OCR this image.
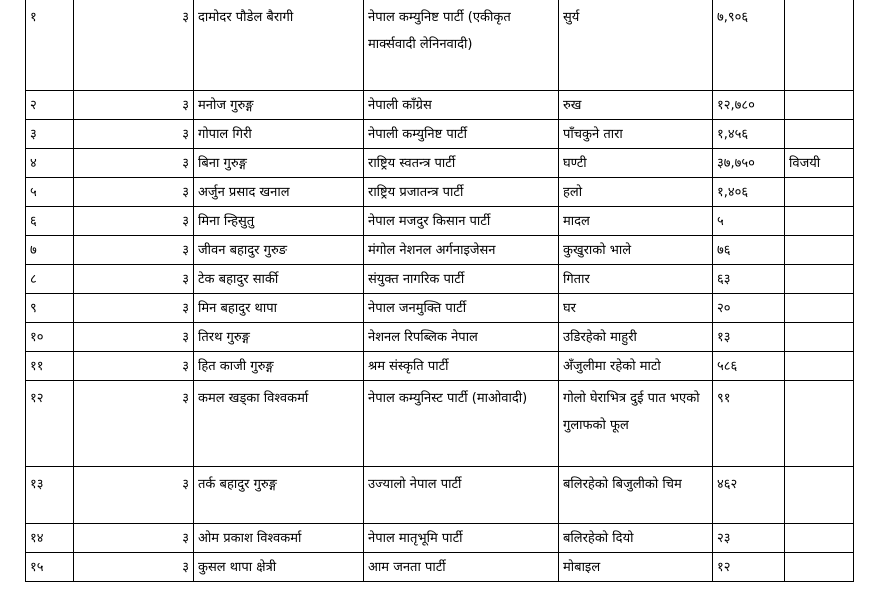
१	३	दामोदर पौडेल बैरागी	नेपाल कम्युनिष्ट पार्टी (एकीकृत मार्क्सवादी लेनिनवादी)	सुर्य	७,९०६	
२	३	मनोज गुरुङ्ग	नेपाली काँग्रेस	रुख	१२,७८०	
३	३	गोपाल गिरी	नेपाली कम्युनिष्ट पार्टी	पाँचकुने तारा	१,४५६	
४	३	बिना गुरुङ्ग	राष्ट्रिय स्वतन्त्र पार्टी	घण्टी	३७,७५०	विजयी
५	३	अर्जुन प्रसाद खनाल	राष्ट्रिय प्रजातन्त्र पार्टी	हलो	१,४०६	
६	३	मिना न्हिसुतु	नेपाल मजदुर किसान पार्टी	मादल	५	
७	३	जीवन बहादुर गुरुङ	मंगोल नेशनल अर्गनाइजेसन	कुखुराको भाले	७६	
८	३	टेक बहादुर सार्की	संयुक्त नागरिक पार्टी	गितार	६३	
९	३	मिन बहादुर थापा	नेपाल जनमुक्ति पार्टी	घर	२०	
१०	३	तिरथ गुरुङ्ग	नेशनल रिपब्लिक नेपाल	उडिरहेको माहुरी	१३	
११	३	हित काजी गुरुङ्ग	श्रम संस्कृति पार्टी	अँजुलीमा रहेको माटो	५८६	
१२	३	कमल खड्का विश्वकर्मा	नेपाल कम्युनिस्ट पार्टी (माओवादी)	गोलो घेराभित्र दुई पात भएको गुलाफको फूल	९१	
१३	३	तर्क बहादुर गुरुङ्ग	उज्यालो नेपाल पार्टी	बलिरहेको बिजुलीको चिम	४६२	
१४	३	ओम प्रकाश विश्वकर्मा	नेपाल मातृभूमि पार्टी	बलिरहेको दियो	२३	
१५	३	कुसल थापा क्षेत्री	आम जनता पार्टी	मोबाइल	१२	
